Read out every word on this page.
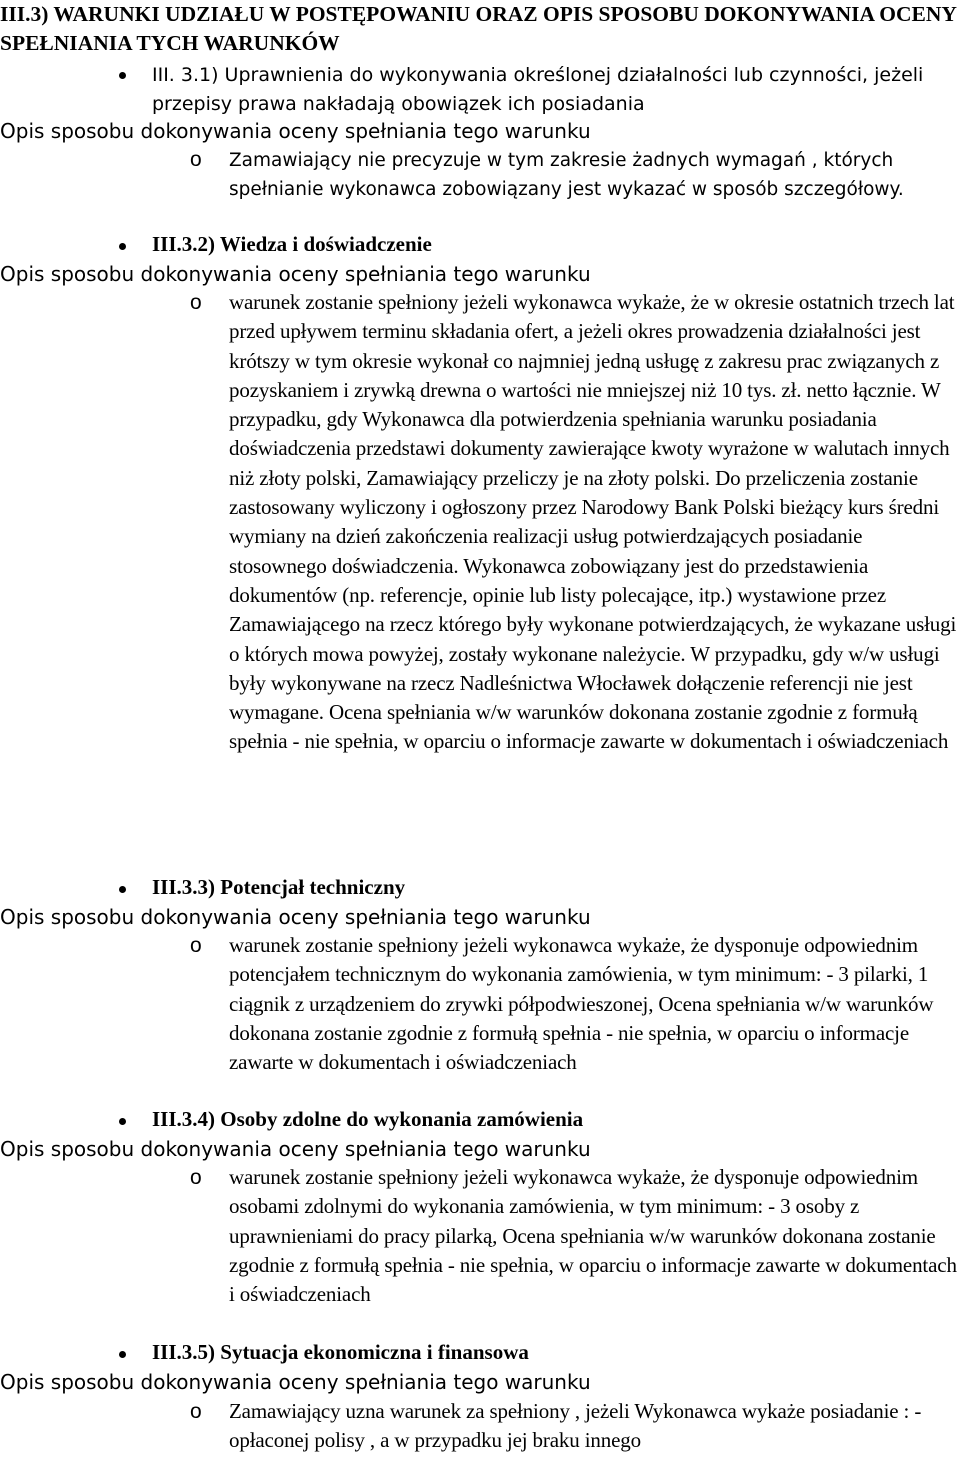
III.3) WARUNKI UDZIAŁU W POSTĘPOWANIU ORAZ OPIS SPOSOBU DOKONYWANIA OCENY SPEŁNIANIA TYCH WARUNKÓW
III. 3.1) Uprawnienia do wykonywania określonej działalności lub czynności, jeżeli przepisy prawa nakładają obowiązek ich posiadania
Opis sposobu dokonywania oceny spełniania tego warunku
o Zamawiający nie precyzuje w tym zakresie żadnych wymagań , których spełnianie wykonawca zobowiązany jest wykazać w sposób szczegółowy.
III.3.2) Wiedza i doświadczenie
Opis sposobu dokonywania oceny spełniania tego warunku
o warunek zostanie spełniony jeżeli wykonawca wykaże, że w okresie ostatnich trzech lat przed upływem terminu składania ofert, a jeżeli okres prowadzenia działalności jest krótszy w tym okresie wykonał co najmniej jedną usługę z zakresu prac związanych z pozyskaniem i zrywką drewna o wartości nie mniejszej niż 10 tys. zł. netto łącznie. W przypadku, gdy Wykonawca dla potwierdzenia spełniania warunku posiadania doświadczenia przedstawi dokumenty zawierające kwoty wyrażone w walutach innych niż złoty polski, Zamawiający przeliczy je na złoty polski. Do przeliczenia zostanie zastosowany wyliczony i ogłoszony przez Narodowy Bank Polski bieżący kurs średni wymiany na dzień zakończenia realizacji usług potwierdzających posiadanie stosownego doświadczenia. Wykonawca zobowiązany jest do przedstawienia dokumentów (np. referencje, opinie lub listy polecające, itp.) wystawione przez Zamawiającego na rzecz którego były wykonane potwierdzających, że wykazane usługi o których mowa powyżej, zostały wykonane należycie. W przypadku, gdy w/w usługi były wykonywane na rzecz Nadleśnictwa Włocławek dołączenie referencji nie jest wymagane. Ocena spełniania w/w warunków dokonana zostanie zgodnie z formułą spełnia - nie spełnia, w oparciu o informacje zawarte w dokumentach i oświadczeniach
III.3.3) Potencjał techniczny
Opis sposobu dokonywania oceny spełniania tego warunku
o warunek zostanie spełniony jeżeli wykonawca wykaże, że dysponuje odpowiednim potencjałem technicznym do wykonania zamówienia, w tym minimum: - 3 pilarki, 1 ciągnik z urządzeniem do zrywki półpodwieszonej, Ocena spełniania w/w warunków dokonana zostanie zgodnie z formułą spełnia - nie spełnia, w oparciu o informacje zawarte w dokumentach i oświadczeniach
III.3.4) Osoby zdolne do wykonania zamówienia
Opis sposobu dokonywania oceny spełniania tego warunku
o warunek zostanie spełniony jeżeli wykonawca wykaże, że dysponuje odpowiednim osobami zdolnymi do wykonania zamówienia, w tym minimum: - 3 osoby z uprawnieniami do pracy pilarką, Ocena spełniania w/w warunków dokonana zostanie zgodnie z formułą spełnia - nie spełnia, w oparciu o informacje zawarte w dokumentach i oświadczeniach
III.3.5) Sytuacja ekonomiczna i finansowa
Opis sposobu dokonywania oceny spełniania tego warunku
o Zamawiający uzna warunek za spełniony , jeżeli Wykonawca wykaże posiadanie : - opłaconej polisy , a w przypadku jej braku innego
